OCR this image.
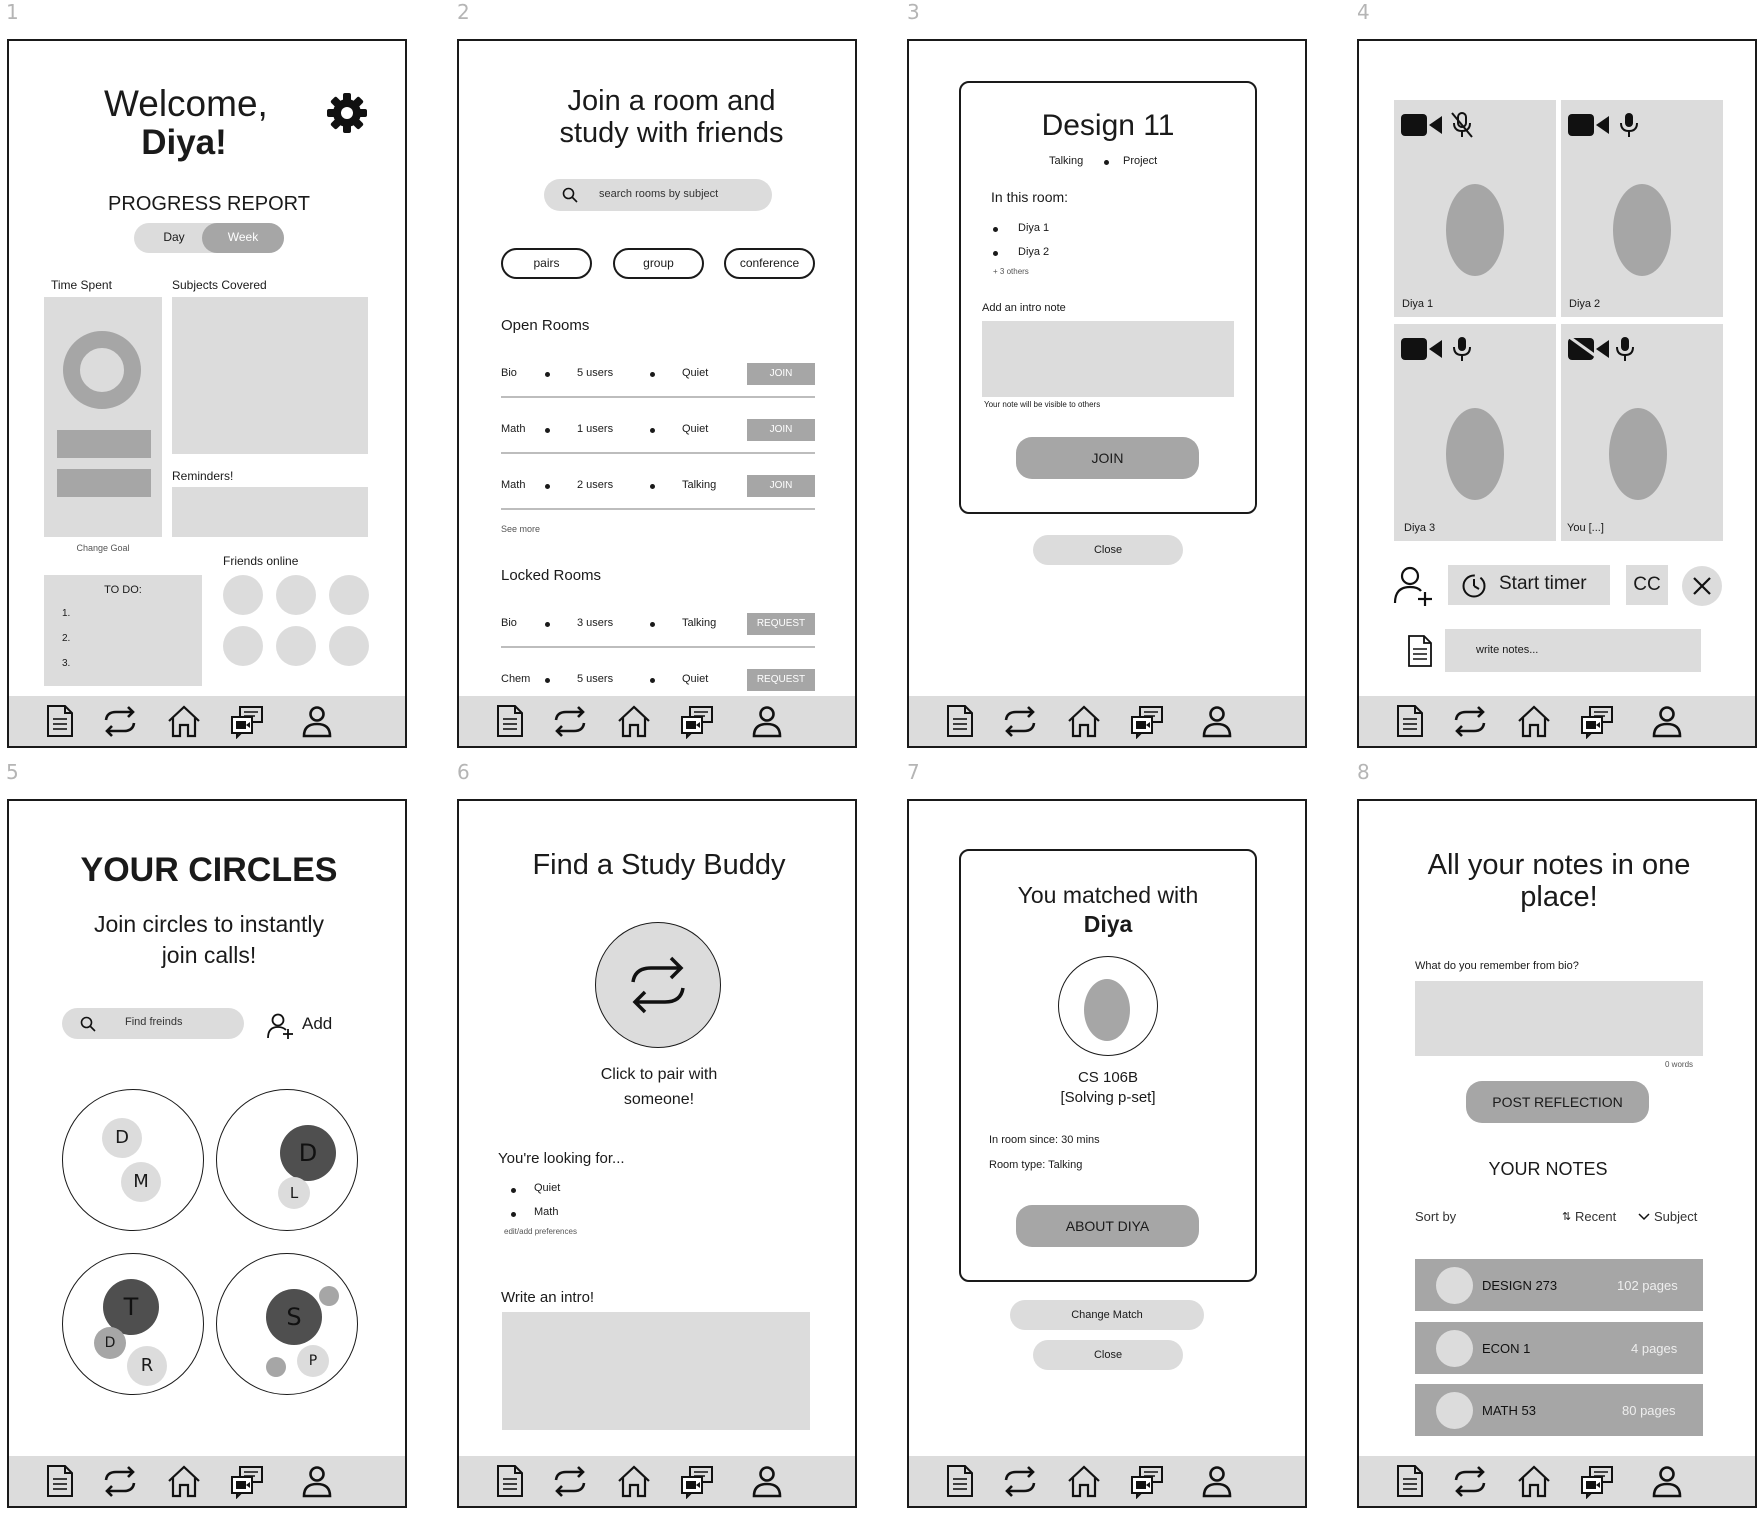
1	2	3	4
5	6	7	8
Welcome,
Diya!
PROGRESS REPORT
Day	Week
Time Spent	Subjects Covered
Reminders!
Change Goal
Friends online
TO DO:
1.
2.
3.
Join a room and
study with friends
search rooms by subject
pairs	group	conference
Open Rooms
Bio	5 users	Quiet	JOIN
Math	1 users	Quiet	JOIN
Math	2 users	Talking	JOIN
See more
Locked Rooms
Bio	3 users	Talking	REQUEST
Chem	5 users	Quiet	REQUEST
Design 11
Talking	Project
In this room:
Diya 1
Diya 2
+ 3 others
Add an intro note
Your note will be visible to others
JOIN
Close
Diya 1	Diya 2
Diya 3	You [...]
Start timer	CC
write notes...
YOUR CIRCLES
Join circles to instantly
join calls!
Find freinds	Add
D
M
D
L
T
D
R
S
P
Find a Study Buddy
Click to pair with
someone!
You're looking for...
Quiet
Math
edit/add preferences
Write an intro!
You matched with
Diya
CS 106B
[Solving p-set]
In room since: 30 mins
Room type: Talking
ABOUT DIYA
Change Match
Close
All your notes in one
place!
What do you remember from bio?
0 words
POST REFLECTION
YOUR NOTES
Sort by	⇅ Recent	Subject
DESIGN 273	102 pages
ECON 1	4 pages
MATH 53	80 pages
